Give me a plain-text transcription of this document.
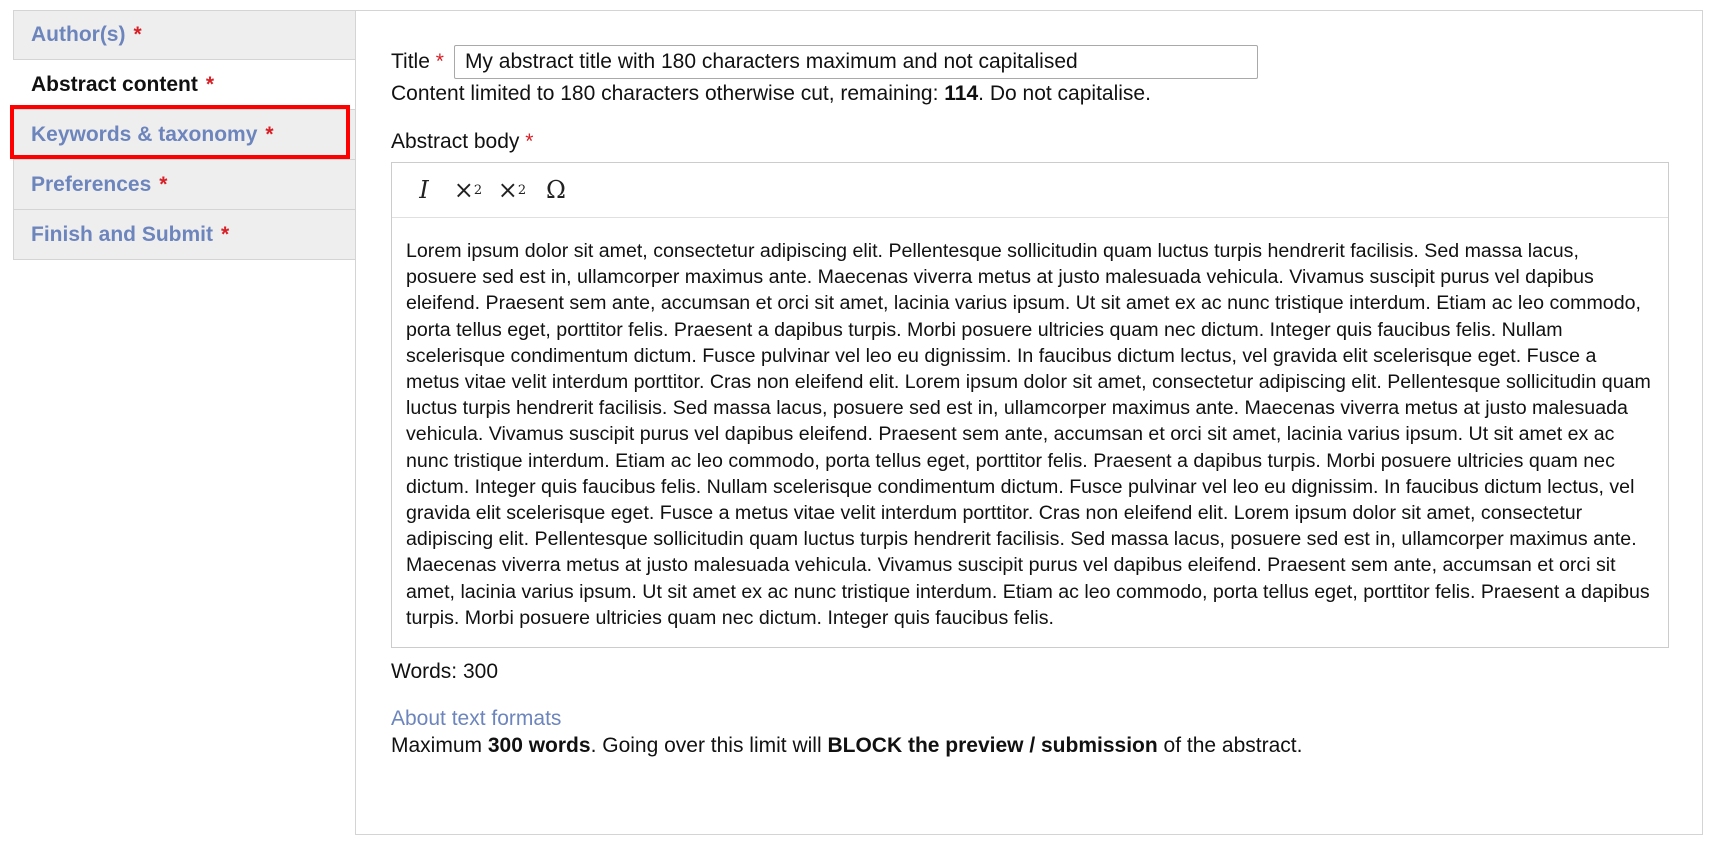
Author(s) *
Abstract content *
Keywords & taxonomy *
Preferences *
Finish and Submit *
Title *
My abstract title with 180 characters maximum and not capitalised
Content limited to 180 characters otherwise cut, remaining: 114. Do not capitalise.
Abstract body *
I × 2 × 2 Ω
Lorem ipsum dolor sit amet, consectetur adipiscing elit. Pellentesque sollicitudin quam luctus turpis hendrerit facilisis. Sed massa lacus, posuere sed est in, ullamcorper maximus ante. Maecenas viverra metus at justo malesuada vehicula. Vivamus suscipit purus vel dapibus eleifend. Praesent sem ante, accumsan et orci sit amet, lacinia varius ipsum. Ut sit amet ex ac nunc tristique interdum. Etiam ac leo commodo, porta tellus eget, porttitor felis. Praesent a dapibus turpis. Morbi posuere ultricies quam nec dictum. Integer quis faucibus felis. Nullam scelerisque condimentum dictum. Fusce pulvinar vel leo eu dignissim. In faucibus dictum lectus, vel gravida elit scelerisque eget. Fusce a metus vitae velit interdum porttitor. Cras non eleifend elit. Lorem ipsum dolor sit amet, consectetur adipiscing elit. Pellentesque sollicitudin quam luctus turpis hendrerit facilisis. Sed massa lacus, posuere sed est in, ullamcorper maximus ante. Maecenas viverra metus at justo malesuada vehicula. Vivamus suscipit purus vel dapibus eleifend. Praesent sem ante, accumsan et orci sit amet, lacinia varius ipsum. Ut sit amet ex ac nunc tristique interdum. Etiam ac leo commodo, porta tellus eget, porttitor felis. Praesent a dapibus turpis. Morbi posuere ultricies quam nec dictum. Integer quis faucibus felis. Nullam scelerisque condimentum dictum. Fusce pulvinar vel leo eu dignissim. In faucibus dictum lectus, vel gravida elit scelerisque eget. Fusce a metus vitae velit interdum porttitor. Cras non eleifend elit. Lorem ipsum dolor sit amet, consectetur adipiscing elit. Pellentesque sollicitudin quam luctus turpis hendrerit facilisis. Sed massa lacus, posuere sed est in, ullamcorper maximus ante. Maecenas viverra metus at justo malesuada vehicula. Vivamus suscipit purus vel dapibus eleifend. Praesent sem ante, accumsan et orci sit amet, lacinia varius ipsum. Ut sit amet ex ac nunc tristique interdum. Etiam ac leo commodo, porta tellus eget, porttitor felis. Praesent a dapibus turpis. Morbi posuere ultricies quam nec dictum. Integer quis faucibus felis.
Words: 300
About text formats
Maximum 300 words. Going over this limit will BLOCK the preview / submission of the abstract.
